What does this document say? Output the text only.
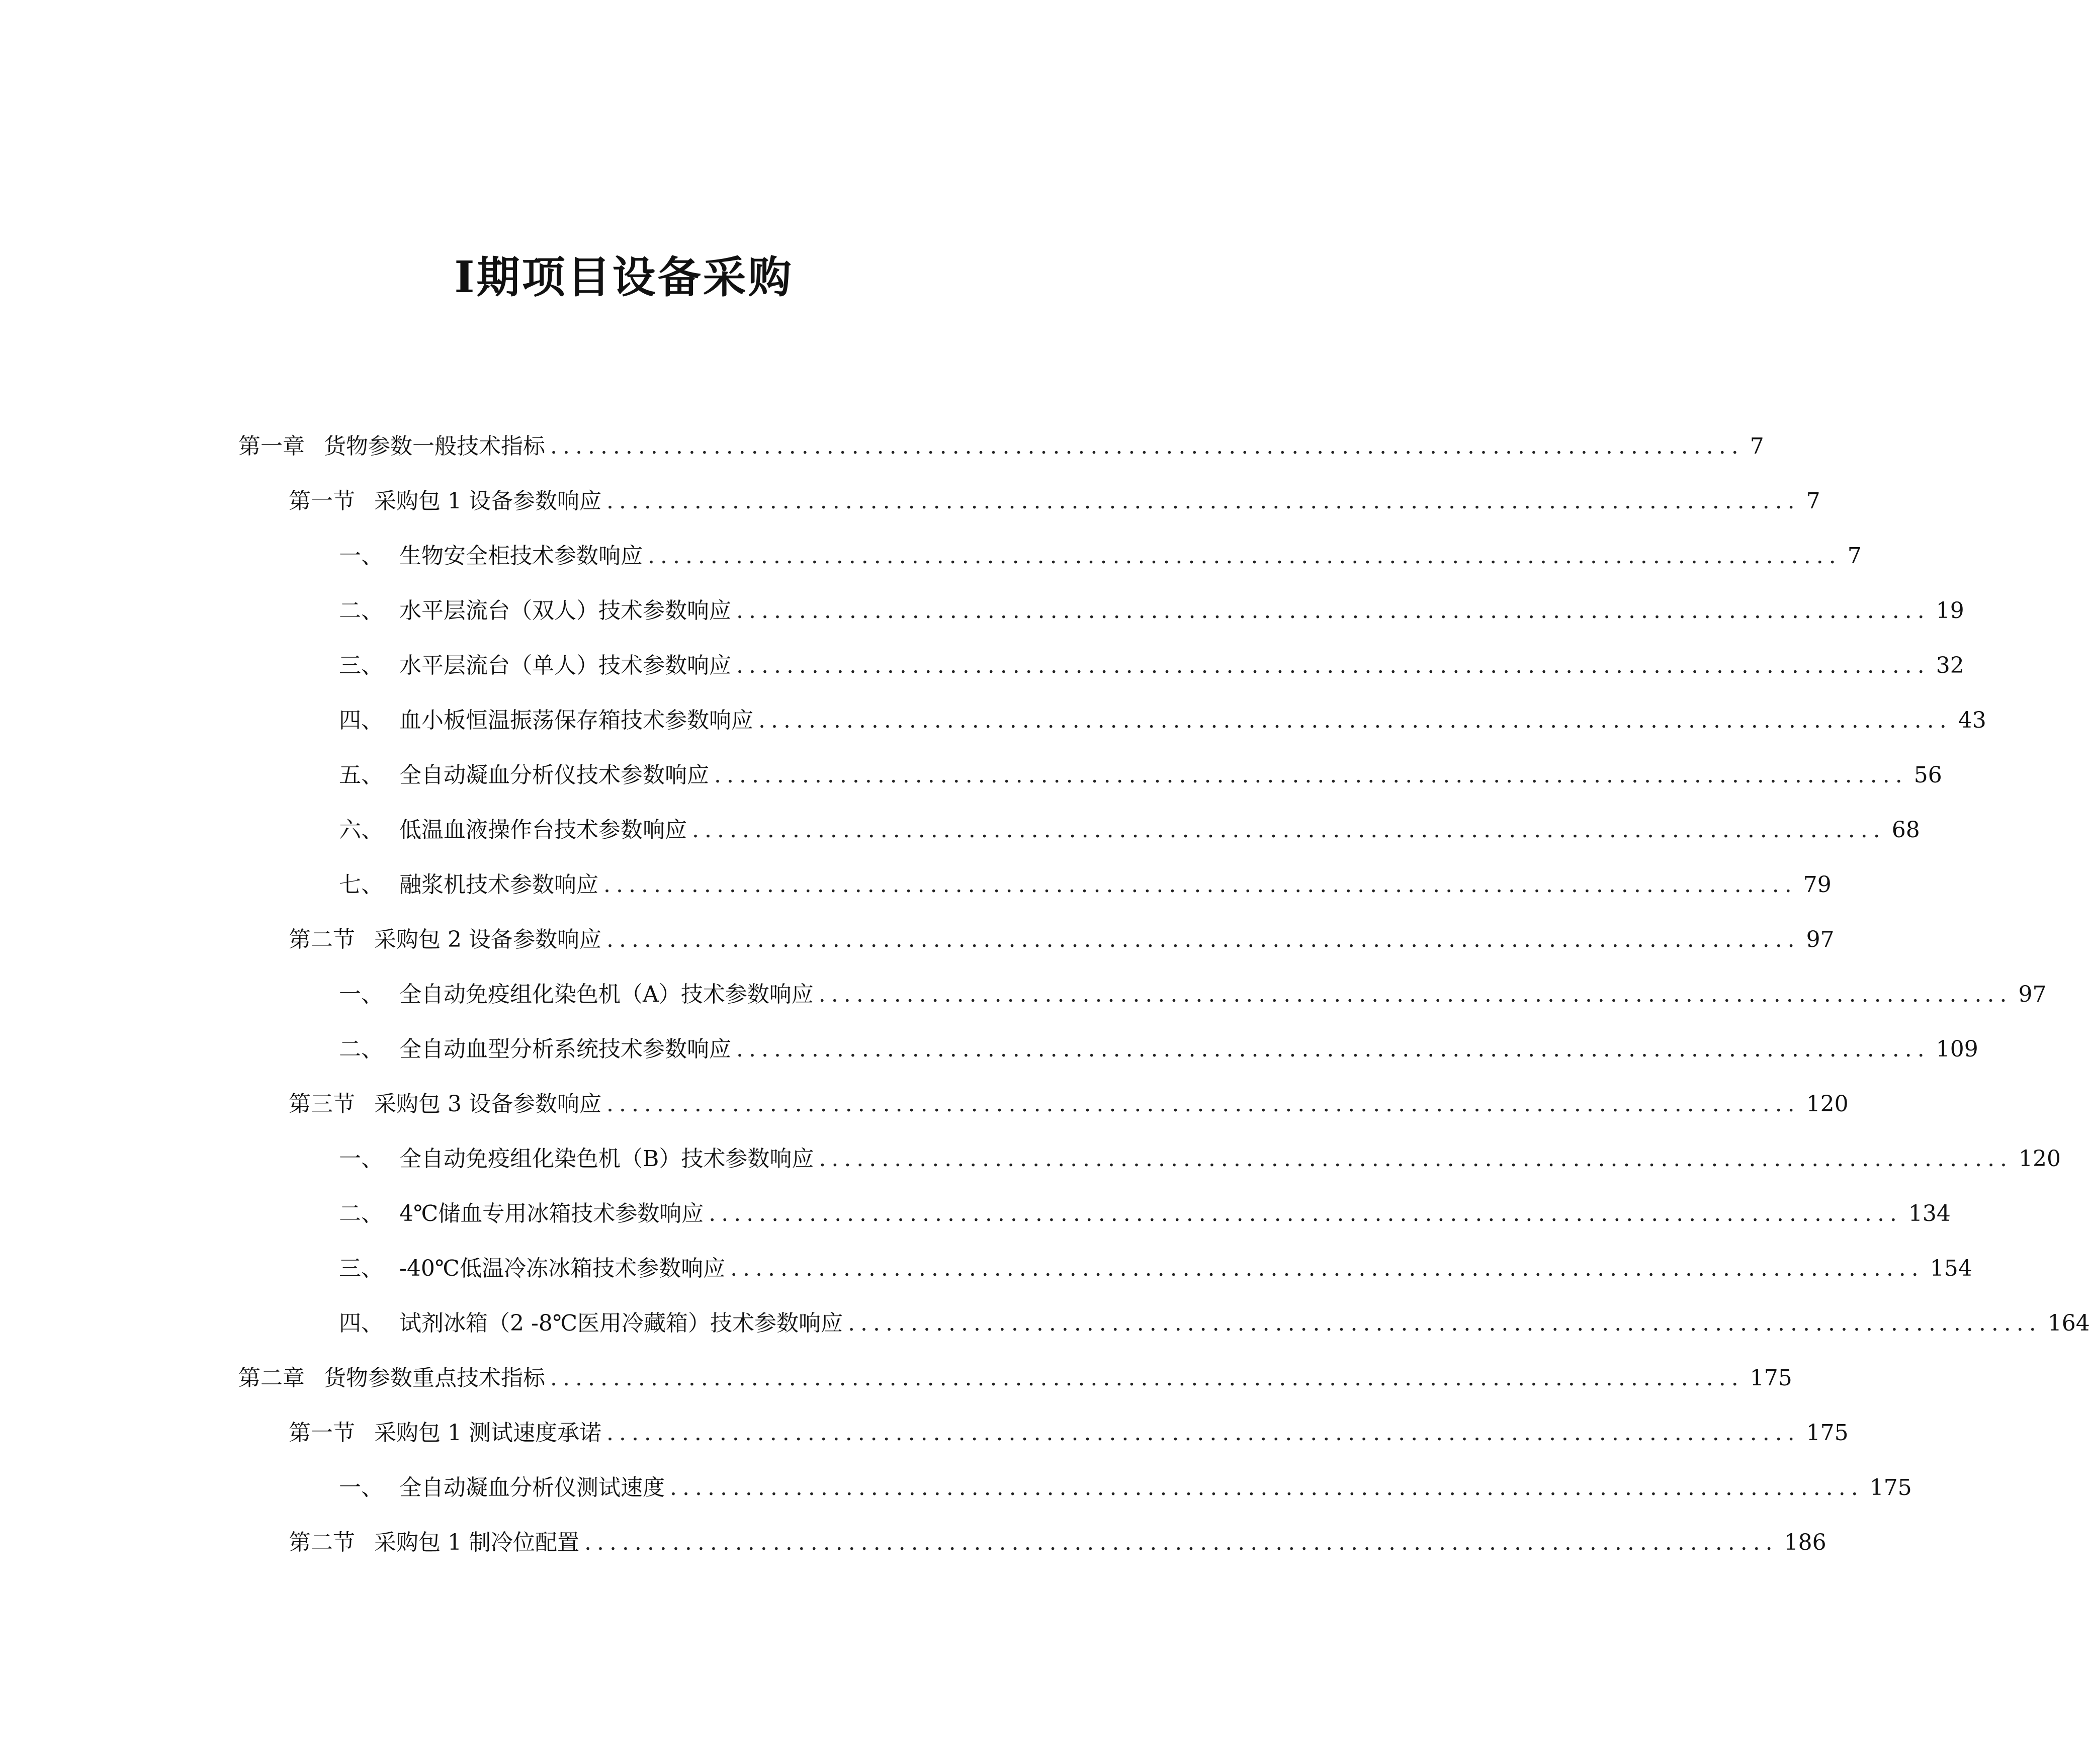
Ⅰ期项目设备采购
第一章 货物参数一般技术指标 ............................................................................................... 7
第一节 采购包 1 设备参数响应 ............................................................................................... 7
一、 生物安全柜技术参数响应 ............................................................................................... 7
二、 水平层流台（双人）技术参数响应 ............................................................................................... 19
三、 水平层流台（单人）技术参数响应 ............................................................................................... 32
四、 血小板恒温振荡保存箱技术参数响应 ............................................................................................... 43
五、 全自动凝血分析仪技术参数响应 ............................................................................................... 56
六、 低温血液操作台技术参数响应 ............................................................................................... 68
七、 融浆机技术参数响应 ............................................................................................... 79
第二节 采购包 2 设备参数响应 ............................................................................................... 97
一、 全自动免疫组化染色机（A）技术参数响应 ............................................................................................... 97
二、 全自动血型分析系统技术参数响应 ............................................................................................... 109
第三节 采购包 3 设备参数响应 ............................................................................................... 120
一、 全自动免疫组化染色机（B）技术参数响应 ............................................................................................... 120
二、 4℃储血专用冰箱技术参数响应 ............................................................................................... 134
三、 -40℃低温冷冻冰箱技术参数响应 ............................................................................................... 154
四、 试剂冰箱（2 -8℃医用冷藏箱）技术参数响应 ............................................................................................... 164
第二章 货物参数重点技术指标 ............................................................................................... 175
第一节 采购包 1 测试速度承诺 ............................................................................................... 175
一、 全自动凝血分析仪测试速度 ............................................................................................... 175
第二节 采购包 1 制冷位配置 ............................................................................................... 186
